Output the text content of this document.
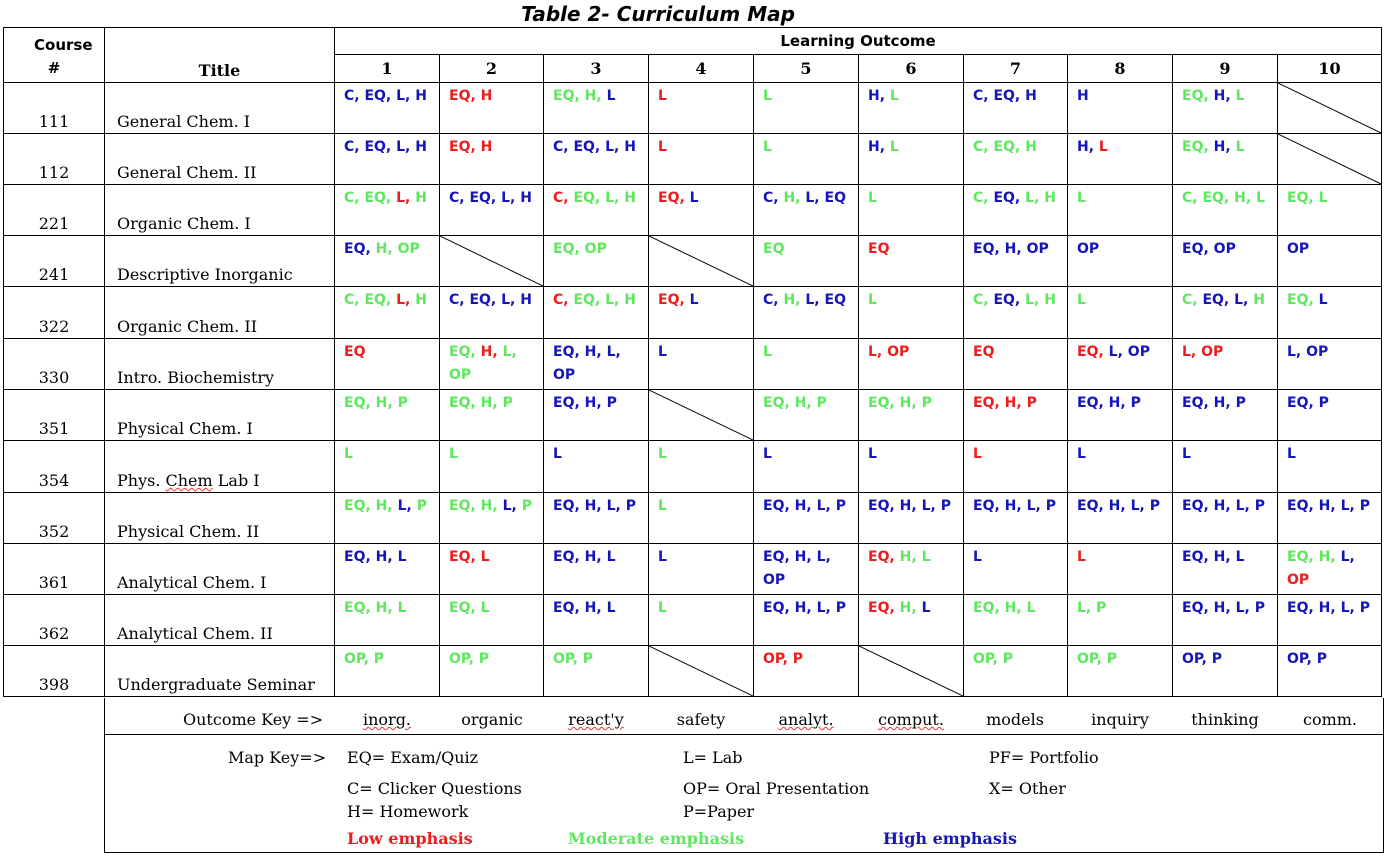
Table 2- Curriculum Map
Course #	Title	Learning Outcome									
		1	2	3	4	5	6	7	8	9	10
111	General Chem. I	C, EQ, L, H	EQ, H	EQ, H, L	L	L	H, L	C, EQ, H	H	EQ, H, L	

112	General Chem. II	C, EQ, L, H	EQ, H	C, EQ, L, H	L	L	H, L	C, EQ, H	H, L	EQ, H, L	

221	Organic Chem. I	C, EQ, L, H	C, EQ, L, H	C, EQ, L, H	EQ, L	C, H, L, EQ	L	C, EQ, L, H	L	C, EQ, H, L	EQ, L
241	Descriptive Inorganic	EQ, H, OP		EQ, OP		EQ	EQ	EQ, H, OP	OP	EQ, OP	OP
322	Organic Chem. II	C, EQ, L, H	C, EQ, L, H	C, EQ, L, H	EQ, L	C, H, L, EQ	L	C, EQ, L, H	L	C, EQ, L, H	EQ, L
330	Intro. Biochemistry	EQ	EQ, H, L, OP	EQ, H, L, OP	L	L	L, OP	EQ	EQ, L, OP	L, OP	L, OP
351	Physical Chem. I	EQ, H, P	EQ, H, P	EQ, H, P		EQ, H, P	EQ, H, P	EQ, H, P	EQ, H, P	EQ, H, P	EQ, P
354	Phys. Chem Lab I	L	L	L	L	L	L	L	L	L	L
352	Physical Chem. II	EQ, H, L, P	EQ, H, L, P	EQ, H, L, P	L	EQ, H, L, P	EQ, H, L, P	EQ, H, L, P	EQ, H, L, P	EQ, H, L, P	EQ, H, L, P
361	Analytical Chem. I	EQ, H, L	EQ, L	EQ, H, L	L	EQ, H, L, OP	EQ, H, L	L	L	EQ, H, L	EQ, H, L, OP
362	Analytical Chem. II	EQ, H, L	EQ, L	EQ, H, L	L	EQ, H, L, P	EQ, H, L	EQ, H, L	L, P	EQ, H, L, P	EQ, H, L, P
398	Undergraduate Seminar	OP, P	OP, P	OP, P		OP, P		OP, P	OP, P	OP, P	OP, P
Outcome Key =>	inorg.	organic	react'y	safety	analyt.	comput.	models	inquiry	thinking	comm.
Map Key=> EQ= Exam/Quiz	L= Lab	PF= Portfolio
C= Clicker Questions	OP= Oral Presentation	X= Other
H= Homework	P=Paper
Low emphasis	Moderate emphasis	High emphasis
